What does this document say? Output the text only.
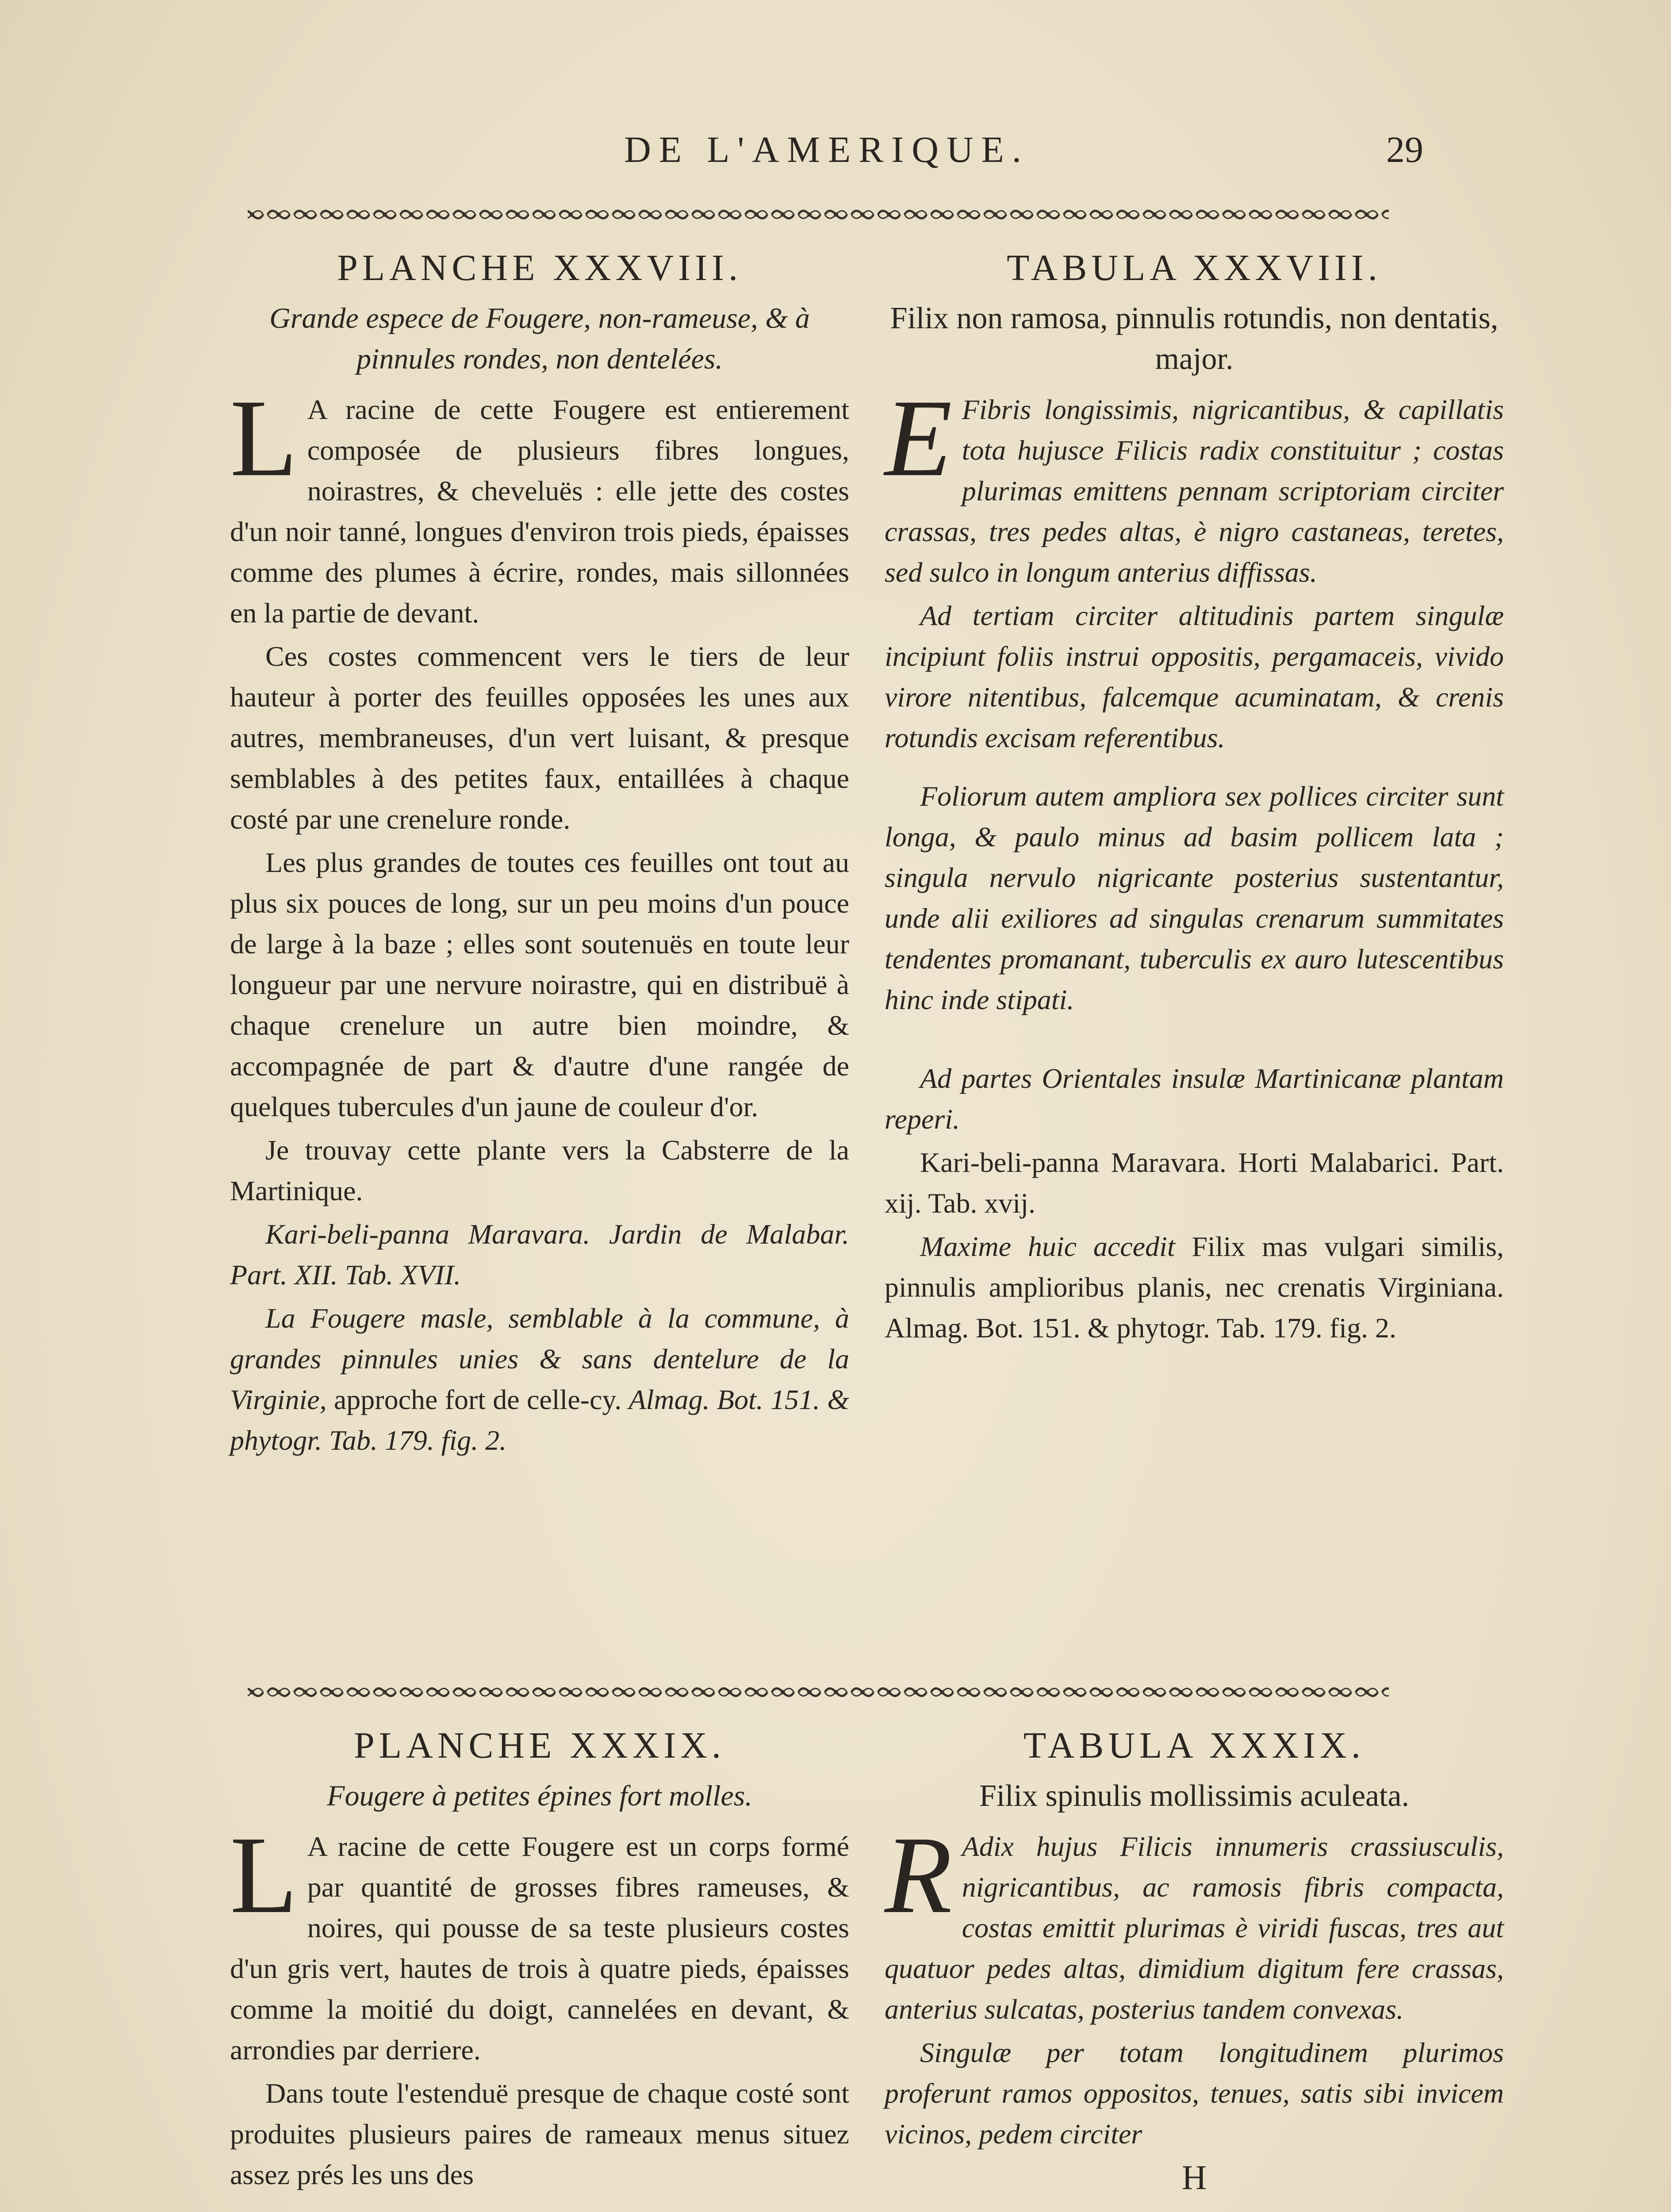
DE L'AMERIQUE.	29
PLANCHE XXXVIII.
Grande espece de Fougere, non-rameuse, & à pinnules rondes, non dentelées.

L A racine de cette Fougere est entierement composée de plusieurs fibres longues, noirastres, & cheveluës : elle jette des costes d'un noir tanné, longues d'environ trois pieds, épaisses comme des plumes à écrire, rondes, mais sillonnées en la partie de devant.

Ces costes commencent vers le tiers de leur hauteur à porter des feuilles opposées les unes aux autres, membraneuses, d'un vert luisant, & presque semblables à des petites faux, entaillées à chaque costé par une crenelure ronde.

Les plus grandes de toutes ces feuilles ont tout au plus six pouces de long, sur un peu moins d'un pouce de large à la baze ; elles sont soutenuës en toute leur longueur par une nervure noirastre, qui en distribuë à chaque crenelure un autre bien moindre, & accompagnée de part & d'autre d'une rangée de quelques tubercules d'un jaune de couleur d'or.

Je trouvay cette plante vers la Cabsterre de la Martinique.

Kari-beli-panna Maravara. Jardin de Malabar. Part. XII. Tab. XVII.

La Fougere masle, semblable à la commune, à grandes pinnules unies & sans dentelure de la Virginie, approche fort de celle-cy. Almag. Bot. 151. & phytogr. Tab. 179. fig. 2.

TABULA XXXVIII.
Filix non ramosa, pinnulis rotundis, non dentatis, major.

E Fibris longissimis, nigricantibus, & capillatis tota hujusce Filicis radix constituitur ; costas plurimas emittens pennam scriptoriam circiter crassas, tres pedes altas, è nigro castaneas, teretes, sed sulco in longum anterius diffissas.

Ad tertiam circiter altitudinis partem singulæ incipiunt foliis instrui oppositis, pergamaceis, vivido virore nitentibus, falcemque acuminatam, & crenis rotundis excisam referentibus.

Foliorum autem ampliora sex pollices circiter sunt longa, & paulo minus ad basim pollicem lata ; singula nervulo nigricante posterius sustentantur, unde alii exiliores ad singulas crenarum summitates tendentes promanant, tuberculis ex auro lutescentibus hinc inde stipati.

Ad partes Orientales insulæ Martinicanæ plantam reperi.

Kari-beli-panna Maravara. Horti Malabarici. Part. xij. Tab. xvij.

Maxime huic accedit Filix mas vulgari similis, pinnulis amplioribus planis, nec crenatis Virginiana. Almag. Bot. 151. & phytogr. Tab. 179. fig. 2.

PLANCHE XXXIX.
Fougere à petites épines fort molles.

L A racine de cette Fougere est un corps formé par quantité de grosses fibres rameuses, & noires, qui pousse de sa teste plusieurs costes d'un gris vert, hautes de trois à quatre pieds, épaisses comme la moitié du doigt, cannelées en devant, & arrondies par derriere.

Dans toute l'estenduë presque de chaque costé sont produites plusieurs paires de rameaux menus situez assez prés les uns des

TABULA XXXIX.
Filix spinulis mollissimis aculeata.

R Adix hujus Filicis innumeris crassiusculis, nigricantibus, ac ramosis fibris compacta, costas emittit plurimas è viridi fuscas, tres aut quatuor pedes altas, dimidium digitum fere crassas, anterius sulcatas, posterius tandem convexas.

Singulæ per totam longitudinem plurimos proferunt ramos oppositos, tenues, satis sibi invicem vicinos, pedem circiter

H
